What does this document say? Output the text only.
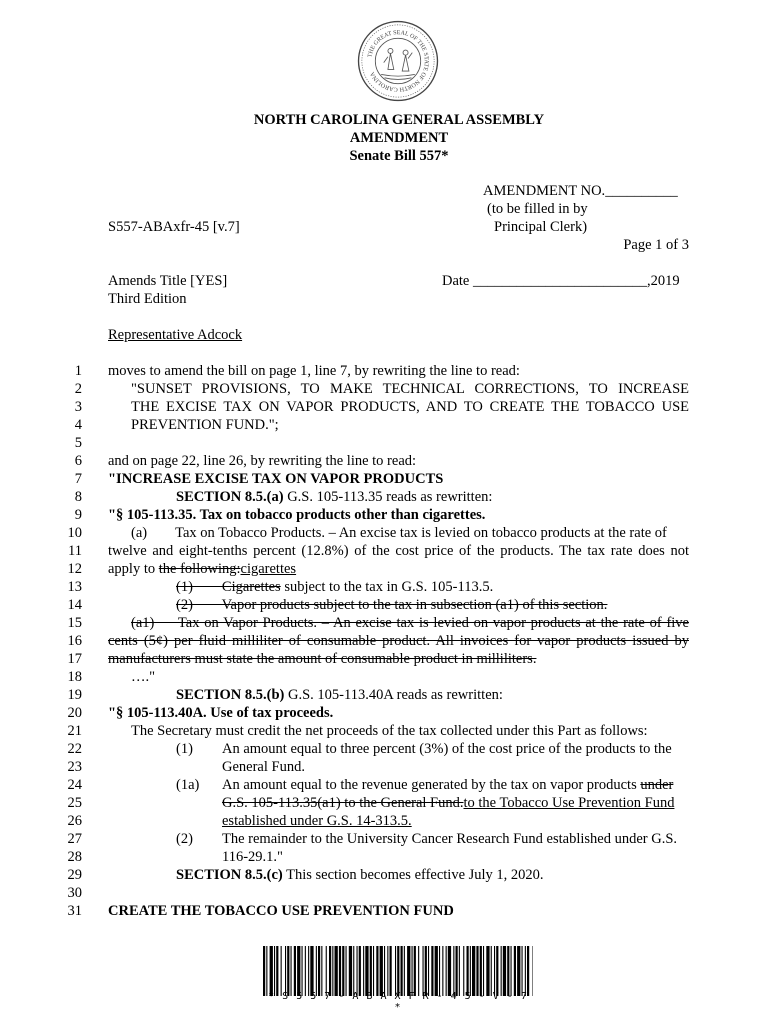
THE GREAT SEAL OF THE STATE OF NORTH CAROLINA
NORTH CAROLINA GENERAL ASSEMBLY
AMENDMENT
Senate Bill 557*
AMENDMENT NO.__________
(to be filled in by
Principal Clerk)
S557-ABAxfr-45 [v.7]
Page 1 of 3
Amends Title [YES]
Third Edition
Date ________________________,2019
Representative Adcock
1
2
3
4
5
6
7
8
9
10
11
12
13
14
15
16
17
18
19
20
21
22
23
24
25
26
27
28
29
30
31
moves to amend the bill on page 1, line 7, by rewriting the line to read:
"SUNSET PROVISIONS, TO MAKE TECHNICAL CORRECTIONS, TO INCREASE
THE EXCISE TAX ON VAPOR PRODUCTS, AND TO CREATE THE TOBACCO USE
PREVENTION FUND.";
and on page 22, line 26, by rewriting the line to read:
"INCREASE EXCISE TAX ON VAPOR PRODUCTS
SECTION 8.5.(a) G.S. 105-113.35 reads as rewritten:
"§ 105-113.35. Tax on tobacco products other than cigarettes.
(a) Tax on Tobacco Products. – An excise tax is levied on tobacco products at the rate of
twelve and eight-tenths percent (12.8%) of the cost price of the products. The tax rate does not
apply to the following:cigarettes
(1)        Cigarettes subject to the tax in G.S. 105-113.5.
(2)        Vapor products subject to the tax in subsection (a1) of this section.
(a1)     Tax on Vapor Products. – An excise tax is levied on vapor products at the rate of five
cents (5¢) per fluid milliliter of consumable product. All invoices for vapor products issued by
manufacturers must state the amount of consumable product in milliliters.
…."
SECTION 8.5.(b) G.S. 105-113.40A reads as rewritten:
"§ 105-113.40A. Use of tax proceeds.
The Secretary must credit the net proceeds of the tax collected under this Part as follows:
(1) An amount equal to three percent (3%) of the cost price of the products to the
General Fund.
(1a) An amount equal to the revenue generated by the tax on vapor products under
G.S. 105-113.35(a1) to the General Fund.to the Tobacco Use Prevention Fund
established under G.S. 14-313.5.
(2) The remainder to the University Cancer Research Fund established under G.S.
116-29.1."
SECTION 8.5.(c) This section becomes effective July 1, 2020.
CREATE THE TOBACCO USE PREVENTION FUND
* S 5 5 7 - A B A X F R - 4 5 - V - 7 *
